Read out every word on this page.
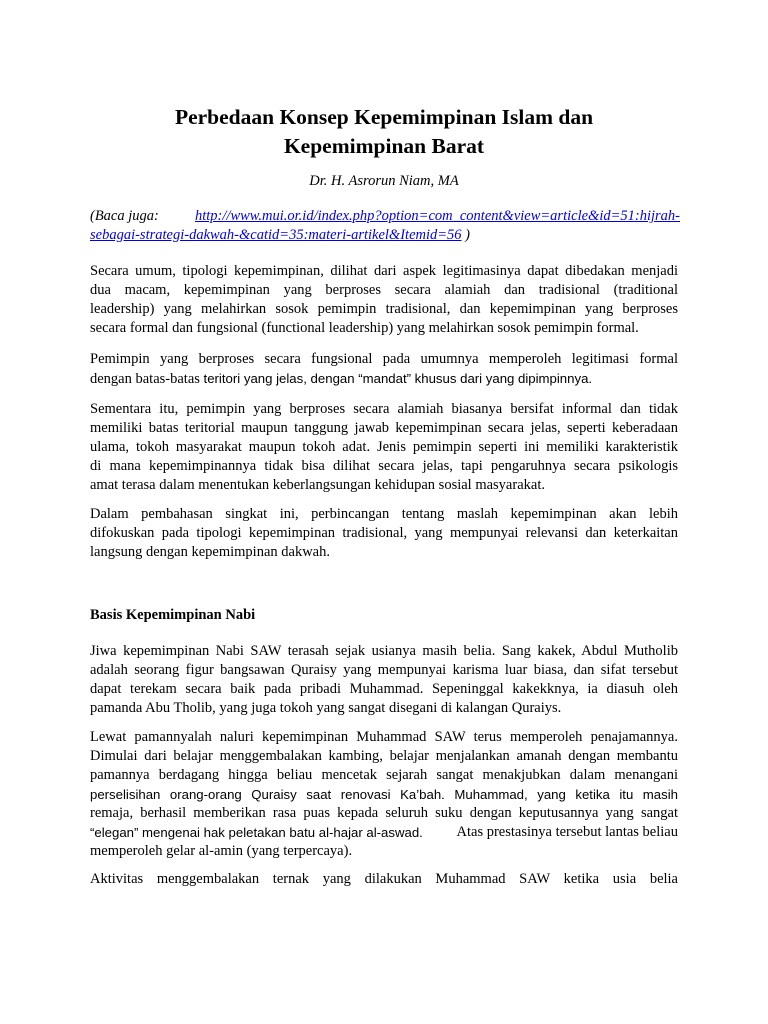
Perbedaan Konsep Kepemimpinan Islam dan
Kepemimpinan Barat
Dr. H. Asrorun Niam, MA
(Baca juga: http://www.mui.or.id/index.php?option=com_content&view=article&id=51:hijrah-
sebagai-strategi-dakwah-&catid=35:materi-artikel&Itemid=56 )
Secara umum, tipologi kepemimpinan, dilihat dari aspek legitimasinya dapat dibedakan menjadi
dua macam, kepemimpinan yang berproses secara alamiah dan tradisional (traditional
leadership) yang melahirkan sosok pemimpin tradisional, dan kepemimpinan yang berproses
secara formal dan fungsional (functional leadership) yang melahirkan sosok pemimpin formal.
Pemimpin yang berproses secara fungsional pada umumnya memperoleh legitimasi formal
dengan batas-batas teritori yang jelas, dengan “mandat” khusus dari yang dipimpinnya.
Sementara itu, pemimpin yang berproses secara alamiah biasanya bersifat informal dan tidak
memiliki batas teritorial maupun tanggung jawab kepemimpinan secara jelas, seperti keberadaan
ulama, tokoh masyarakat maupun tokoh adat. Jenis pemimpin seperti ini memiliki karakteristik
di mana kepemimpinannya tidak bisa dilihat secara jelas, tapi pengaruhnya secara psikologis
amat terasa dalam menentukan keberlangsungan kehidupan sosial masyarakat.
Dalam pembahasan singkat ini, perbincangan tentang maslah kepemimpinan akan lebih
difokuskan pada tipologi kepemimpinan tradisional, yang mempunyai relevansi dan keterkaitan
langsung dengan kepemimpinan dakwah.
Basis Kepemimpinan Nabi
Jiwa kepemimpinan Nabi SAW terasah sejak usianya masih belia. Sang kakek, Abdul Mutholib
adalah seorang figur bangsawan Quraisy yang mempunyai karisma luar biasa, dan sifat tersebut
dapat terekam secara baik pada pribadi Muhammad. Sepeninggal kakekknya, ia diasuh oleh
pamanda Abu Tholib, yang juga tokoh yang sangat disegani di kalangan Quraiys.
Lewat pamannyalah naluri kepemimpinan Muhammad SAW terus memperoleh penajamannya.
Dimulai dari belajar menggembalakan kambing, belajar menjalankan amanah dengan membantu
pamannya berdagang hingga beliau mencetak sejarah sangat menakjubkan dalam menangani
perselisihan orang-orang Quraisy saat renovasi Ka’bah. Muhammad, yang ketika itu masih
remaja, berhasil memberikan rasa puas kepada seluruh suku dengan keputusannya yang sangat
“elegan” mengenai hak peletakan batu al-hajar al-aswad. Atas prestasinya tersebut lantas beliau
memperoleh gelar al-amin (yang terpercaya).
Aktivitas menggembalakan ternak yang dilakukan Muhammad SAW ketika usia belia
